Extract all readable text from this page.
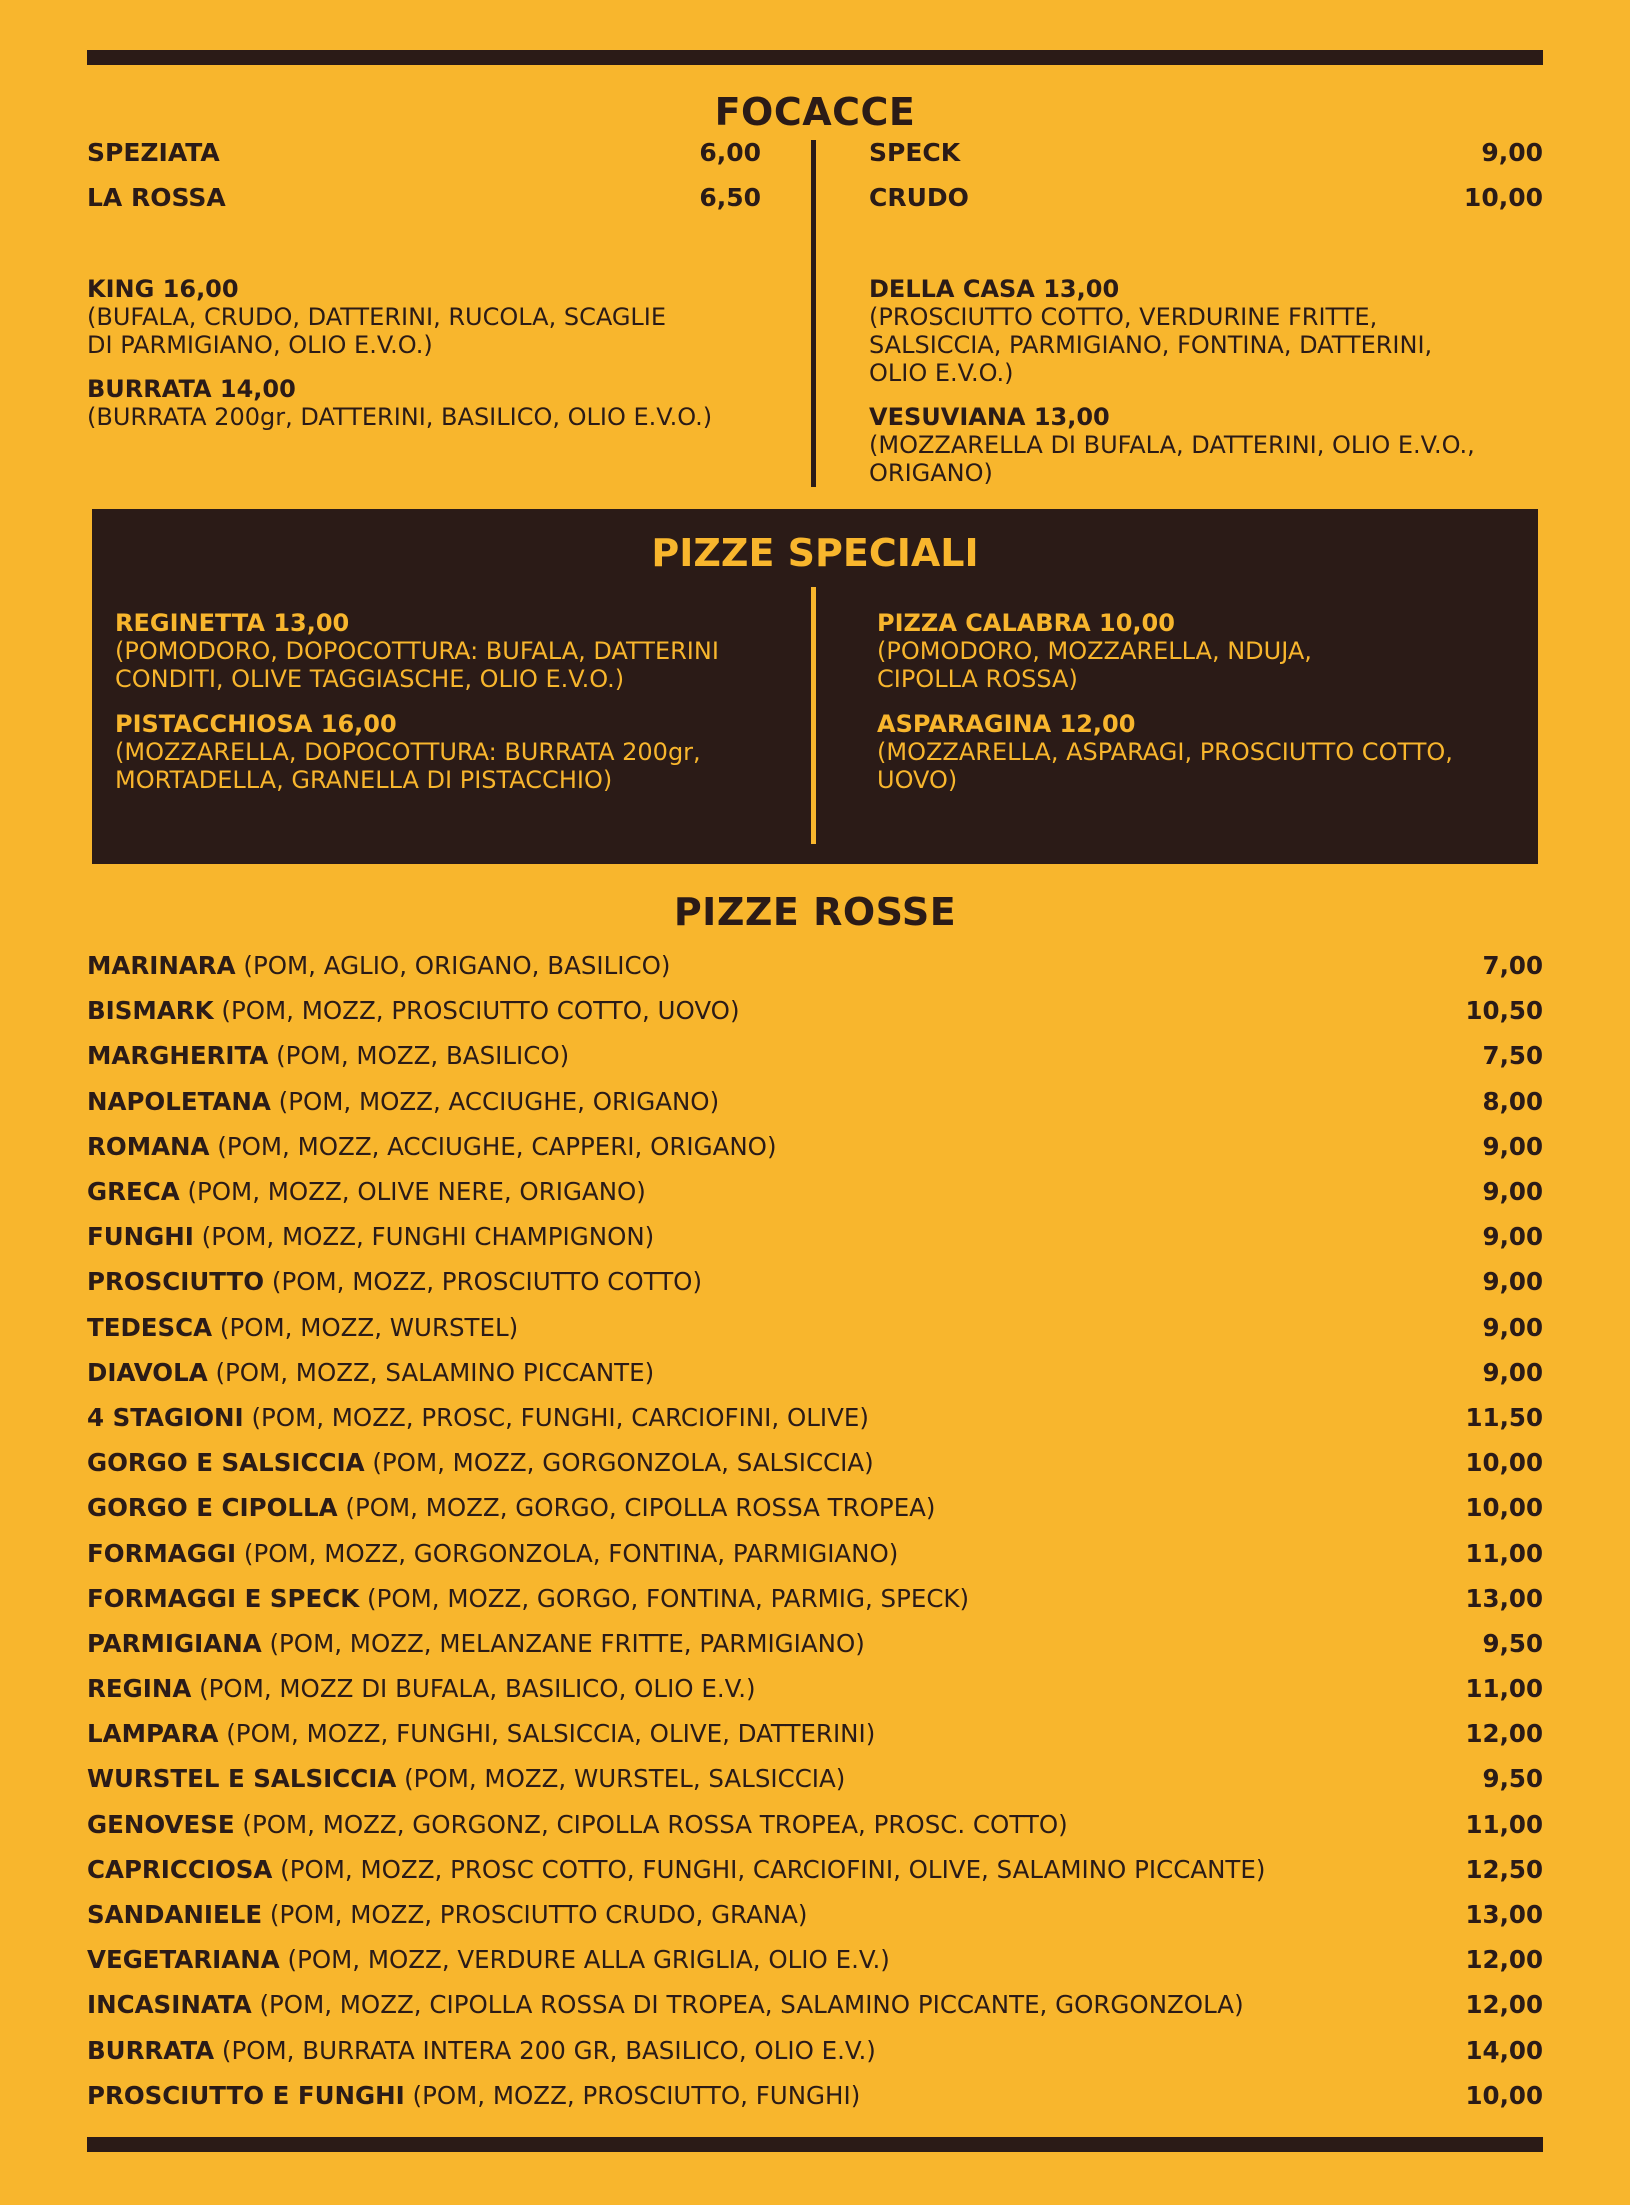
FOCACCE
SPEZIATA	6,00
LA ROSSA	6,50
SPECK	9,00
CRUDO	10,00
KING 16,00
(BUFALA, CRUDO, DATTERINI, RUCOLA, SCAGLIE
DI PARMIGIANO, OLIO E.V.O.)
BURRATA 14,00
(BURRATA 200gr, DATTERINI, BASILICO, OLIO E.V.O.)
DELLA CASA 13,00
(PROSCIUTTO COTTO, VERDURINE FRITTE,
SALSICCIA, PARMIGIANO, FONTINA, DATTERINI,
OLIO E.V.O.)
VESUVIANA 13,00
(MOZZARELLA DI BUFALA, DATTERINI, OLIO E.V.O.,
ORIGANO)
PIZZE SPECIALI
REGINETTA 13,00
(POMODORO, DOPOCOTTURA: BUFALA, DATTERINI
CONDITI, OLIVE TAGGIASCHE, OLIO E.V.O.)
PISTACCHIOSA 16,00
(MOZZARELLA, DOPOCOTTURA: BURRATA 200gr,
MORTADELLA, GRANELLA DI PISTACCHIO)
PIZZA CALABRA 10,00
(POMODORO, MOZZARELLA, NDUJA,
CIPOLLA ROSSA)
ASPARAGINA 12,00
(MOZZARELLA, ASPARAGI, PROSCIUTTO COTTO,
UOVO)
PIZZE ROSSE
MARINARA (POM, AGLIO, ORIGANO, BASILICO)	7,00
BISMARK (POM, MOZZ, PROSCIUTTO COTTO, UOVO)	10,50
MARGHERITA (POM, MOZZ, BASILICO)	7,50
NAPOLETANA (POM, MOZZ, ACCIUGHE, ORIGANO)	8,00
ROMANA (POM, MOZZ, ACCIUGHE, CAPPERI, ORIGANO)	9,00
GRECA (POM, MOZZ, OLIVE NERE, ORIGANO)	9,00
FUNGHI (POM, MOZZ, FUNGHI CHAMPIGNON)	9,00
PROSCIUTTO (POM, MOZZ, PROSCIUTTO COTTO)	9,00
TEDESCA (POM, MOZZ, WURSTEL)	9,00
DIAVOLA (POM, MOZZ, SALAMINO PICCANTE)	9,00
4 STAGIONI (POM, MOZZ, PROSC, FUNGHI, CARCIOFINI, OLIVE)	11,50
GORGO E SALSICCIA (POM, MOZZ, GORGONZOLA, SALSICCIA)	10,00
GORGO E CIPOLLA (POM, MOZZ, GORGO, CIPOLLA ROSSA TROPEA)	10,00
FORMAGGI (POM, MOZZ, GORGONZOLA, FONTINA, PARMIGIANO)	11,00
FORMAGGI E SPECK (POM, MOZZ, GORGO, FONTINA, PARMIG, SPECK)	13,00
PARMIGIANA (POM, MOZZ, MELANZANE FRITTE, PARMIGIANO)	9,50
REGINA (POM, MOZZ DI BUFALA, BASILICO, OLIO E.V.)	11,00
LAMPARA (POM, MOZZ, FUNGHI, SALSICCIA, OLIVE, DATTERINI)	12,00
WURSTEL E SALSICCIA (POM, MOZZ, WURSTEL, SALSICCIA)	9,50
GENOVESE (POM, MOZZ, GORGONZ, CIPOLLA ROSSA TROPEA, PROSC. COTTO)	11,00
CAPRICCIOSA (POM, MOZZ, PROSC COTTO, FUNGHI, CARCIOFINI, OLIVE, SALAMINO PICCANTE)	12,50
SANDANIELE (POM, MOZZ, PROSCIUTTO CRUDO, GRANA)	13,00
VEGETARIANA (POM, MOZZ, VERDURE ALLA GRIGLIA, OLIO E.V.)	12,00
INCASINATA (POM, MOZZ, CIPOLLA ROSSA DI TROPEA, SALAMINO PICCANTE, GORGONZOLA)	12,00
BURRATA (POM, BURRATA INTERA 200 GR, BASILICO, OLIO E.V.)	14,00
PROSCIUTTO E FUNGHI (POM, MOZZ, PROSCIUTTO, FUNGHI)	10,00
